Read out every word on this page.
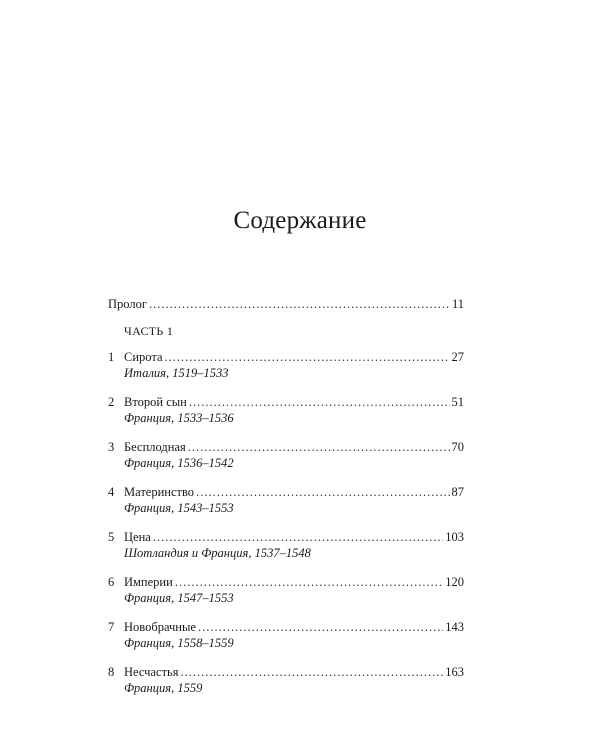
Содержание
Пролог .....	11
ЧАСТЬ 1
1 Сирота .....	27
Италия, 1519–1533
2 Второй сын .....	51
Франция, 1533–1536
3 Бесплодная .....	70
Франция, 1536–1542
4 Материнство .....	87
Франция, 1543–1553
5 Цена .....	103
Шотландия и Франция, 1537–1548
6 Империи .....	120
Франция, 1547–1553
7 Новобрачные .....	143
Франция, 1558–1559
8 Несчастья .....	163
Франция, 1559
